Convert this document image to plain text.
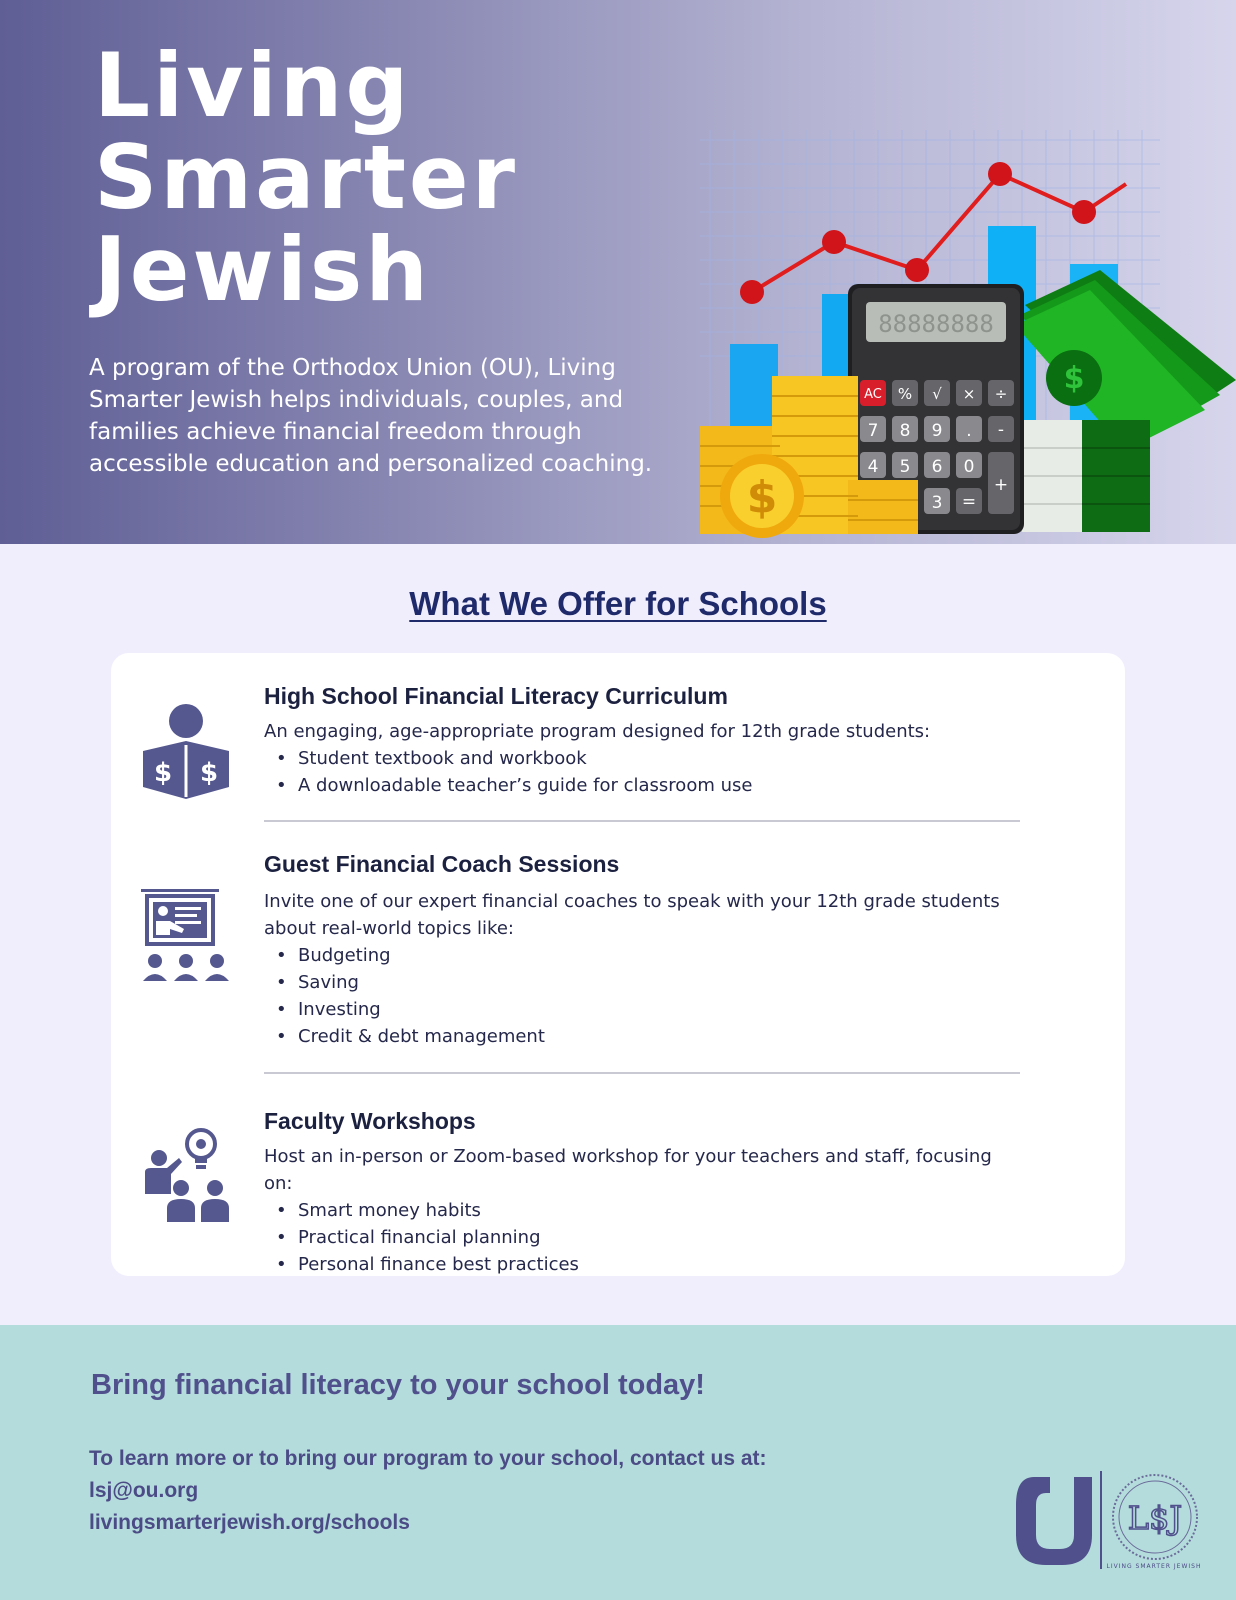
Living
Smarter
Jewish

A program of the Orthodox Union (OU), Living Smarter Jewish helps individuals, couples, and families achieve financial freedom through accessible education and personalized coaching.

$
88888888
AC % √ × ÷
7 8 9 . -
4 5 6 0
+
3 =
$
What We Offer for Schools
$ $
High School Financial Literacy Curriculum

An engaging, age-appropriate program designed for 12th grade students:

• Student textbook and workbook
• A downloadable teacher’s guide for classroom use
Guest Financial Coach Sessions

Invite one of our expert financial coaches to speak with your 12th grade students about real-world topics like:

• Budgeting
• Saving
• Investing
• Credit & debt management
Faculty Workshops

Host an in-person or Zoom-based workshop for your teachers and staff, focusing on:

• Smart money habits
• Practical financial planning
• Personal finance best practices
Bring financial literacy to your school today!
To learn more or to bring our program to your school, contact us at:
lsj@ou.org
livingsmarterjewish.org/schools	L$J
LIVING SMARTER JEWISH
